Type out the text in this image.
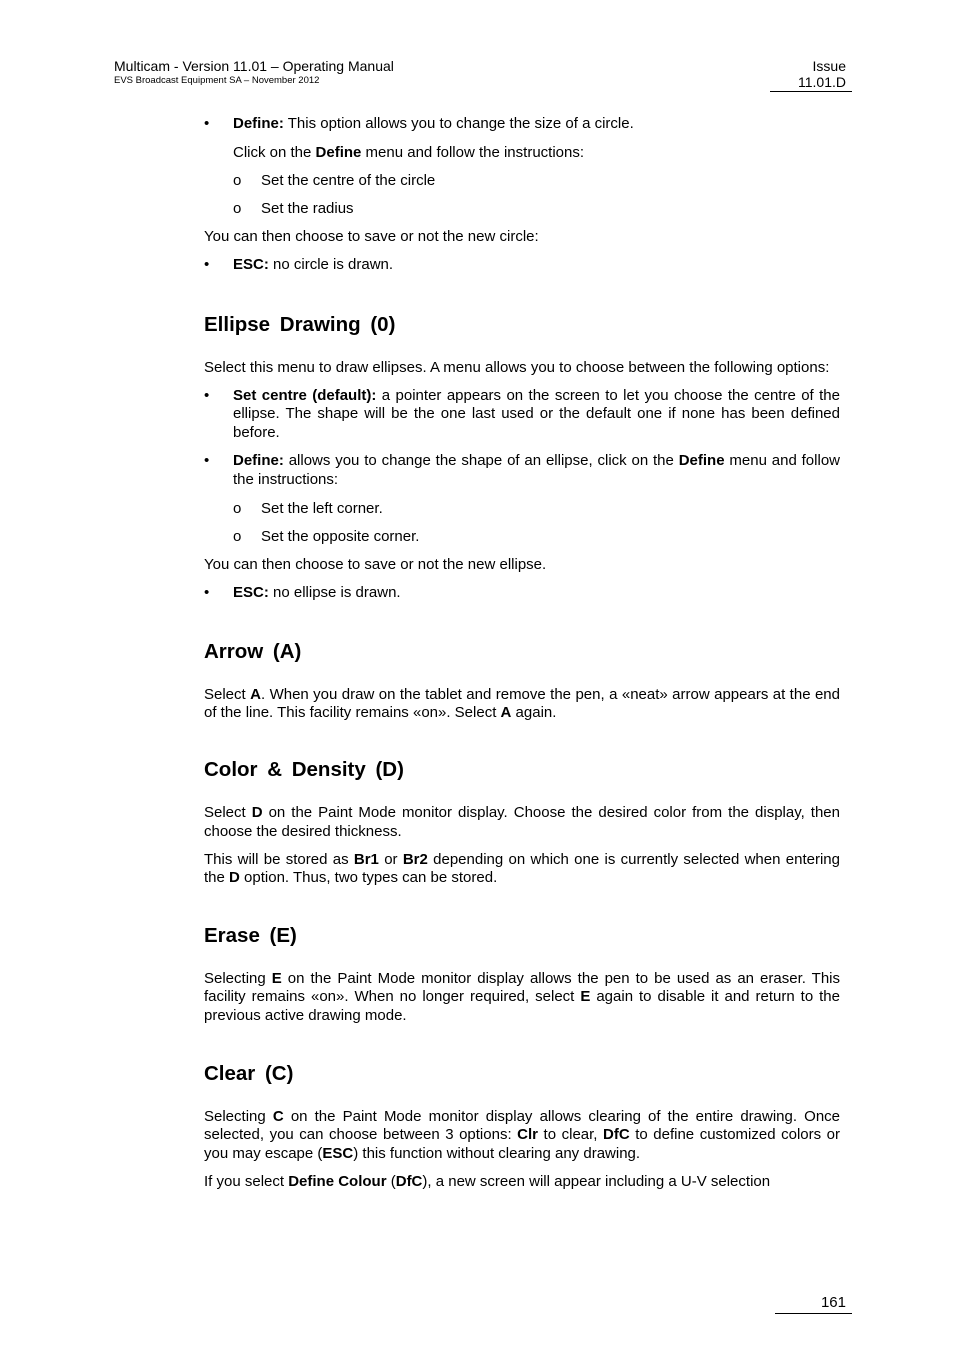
Multicam - Version 11.01 – Operating Manual
EVS Broadcast Equipment SA – November 2012
Issue
11.01.D
• Define: This option allows you to change the size of a circle.
Click on the Define menu and follow the instructions:
o Set the centre of the circle
o Set the radius

You can then choose to save or not the new circle:

• ESC: no circle is drawn.
Ellipse Drawing (0)

Select this menu to draw ellipses. A menu allows you to choose between the following options:

• Set centre (default): a pointer appears on the screen to let you choose the centre of the ellipse. The shape will be the one last used or the default one if none has been defined before.
• Define: allows you to change the shape of an ellipse, click on the Define menu and follow the instructions:
o Set the left corner.
o Set the opposite corner.

You can then choose to save or not the new ellipse.

• ESC: no ellipse is drawn.
Arrow (A)

Select A. When you draw on the tablet and remove the pen, a «neat» arrow appears at the end of the line. This facility remains «on». Select A again.

Color & Density (D)

Select D on the Paint Mode monitor display. Choose the desired color from the display, then choose the desired thickness.

This will be stored as Br1 or Br2 depending on which one is currently selected when entering the D option. Thus, two types can be stored.

Erase (E)

Selecting E on the Paint Mode monitor display allows the pen to be used as an eraser. This facility remains «on». When no longer required, select E again to disable it and return to the previous active drawing mode.

Clear (C)

Selecting C on the Paint Mode monitor display allows clearing of the entire drawing. Once selected, you can choose between 3 options: Clr to clear, DfC to define customized colors or you may escape (ESC) this function without clearing any drawing.

If you select Define Colour (DfC), a new screen will appear including a U-V selection

161
